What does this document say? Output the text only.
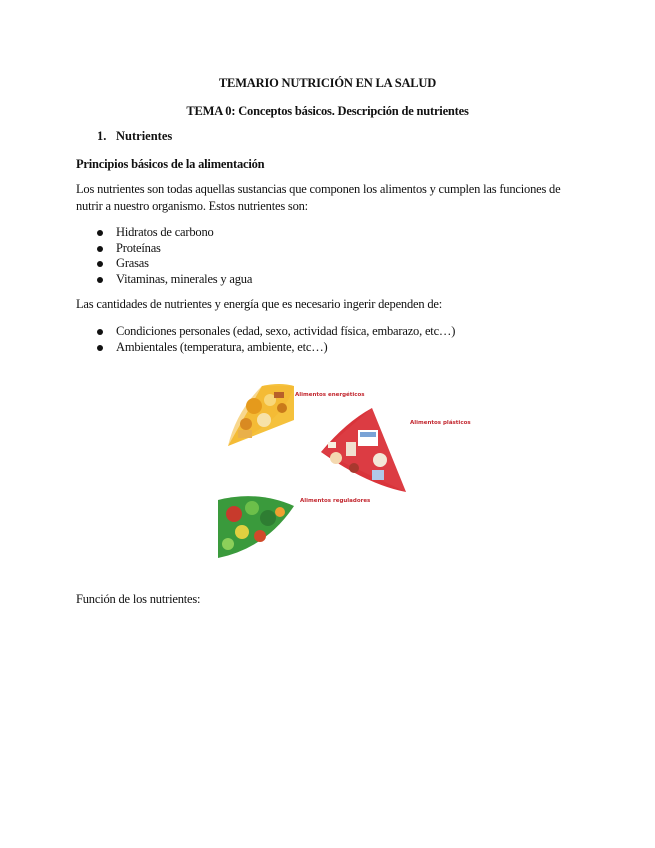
TEMARIO NUTRICIÓN EN LA SALUD
TEMA 0: Conceptos básicos. Descripción de nutrientes
1. Nutrientes
Principios básicos de la alimentación
Los nutrientes son todas aquellas sustancias que componen los alimentos y cumplen las funciones de nutrir a nuestro organismo. Estos nutrientes son:
Hidratos de carbono
Proteínas
Grasas
Vitaminas, minerales y agua
Las cantidades de nutrientes y energía que es necesario ingerir dependen de:
Condiciones personales (edad, sexo, actividad física, embarazo, etc…)
Ambientales (temperatura, ambiente, etc…)
Alimentos energéticos
Alimentos plásticos
Alimentos reguladores
Función de los nutrientes:
